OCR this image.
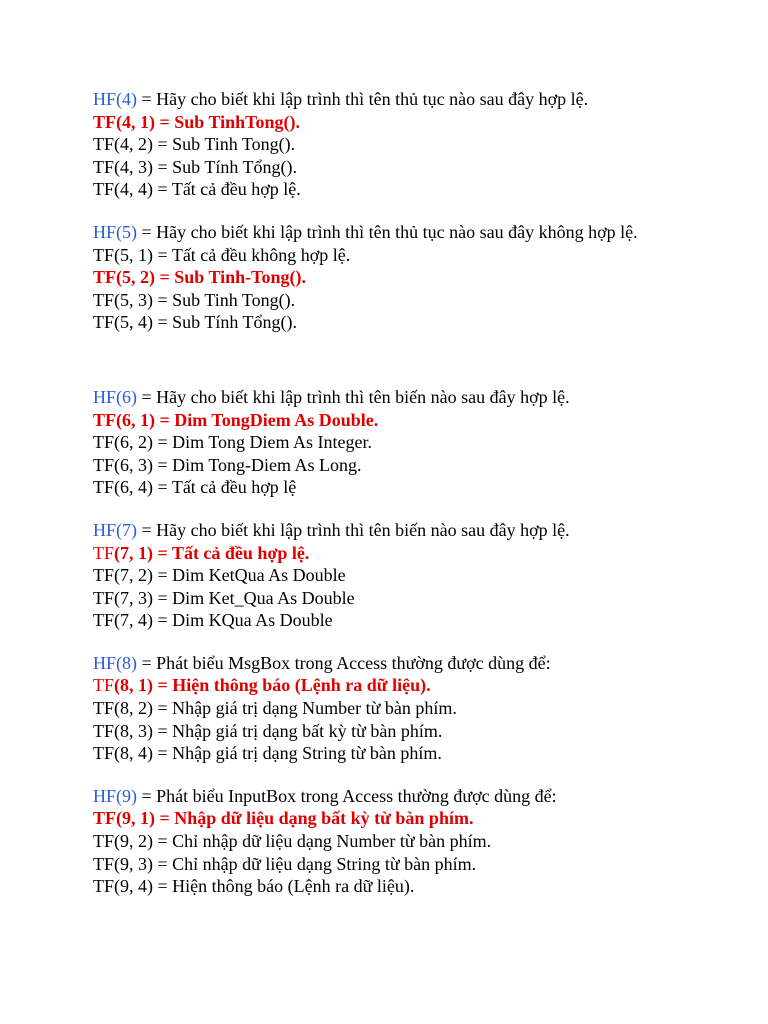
HF(4) = Hãy cho biết khi lập trình thì tên thủ tục nào sau đây hợp lệ.
TF(4, 1) = Sub TinhTong().
TF(4, 2) = Sub Tinh Tong().
TF(4, 3) = Sub Tính Tổng().
TF(4, 4) = Tất cả đều hợp lệ.
HF(5) = Hãy cho biết khi lập trình thì tên thủ tục nào sau đây không hợp lệ.
TF(5, 1) = Tất cả đều không hợp lệ.
TF(5, 2) = Sub Tinh-Tong().
TF(5, 3) = Sub Tinh Tong().
TF(5, 4) = Sub Tính Tổng().
HF(6) = Hãy cho biết khi lập trình thì tên biến nào sau đây hợp lệ.
TF(6, 1) = Dim TongDiem As Double.
TF(6, 2) = Dim Tong Diem As Integer.
TF(6, 3) = Dim Tong-Diem As Long.
TF(6, 4) = Tất cả đều hợp lệ
HF(7) = Hãy cho biết khi lập trình thì tên biến nào sau đây hợp lệ.
TF(7, 1) = Tất cả đều hợp lệ.
TF(7, 2) = Dim KetQua As Double
TF(7, 3) = Dim Ket_Qua As Double
TF(7, 4) = Dim KQua As Double
HF(8) = Phát biểu MsgBox trong Access thường được dùng để:
TF(8, 1) = Hiện thông báo (Lệnh ra dữ liệu).
TF(8, 2) = Nhập giá trị dạng Number từ bàn phím.
TF(8, 3) = Nhập giá trị dạng bất kỳ từ bàn phím.
TF(8, 4) = Nhập giá trị dạng String từ bàn phím.
HF(9) = Phát biểu InputBox trong Access thường được dùng để:
TF(9, 1) = Nhập dữ liệu dạng bất kỳ từ bàn phím.
TF(9, 2) = Chỉ nhập dữ liệu dạng Number từ bàn phím.
TF(9, 3) = Chỉ nhập dữ liệu dạng String từ bàn phím.
TF(9, 4) = Hiện thông báo (Lệnh ra dữ liệu).
